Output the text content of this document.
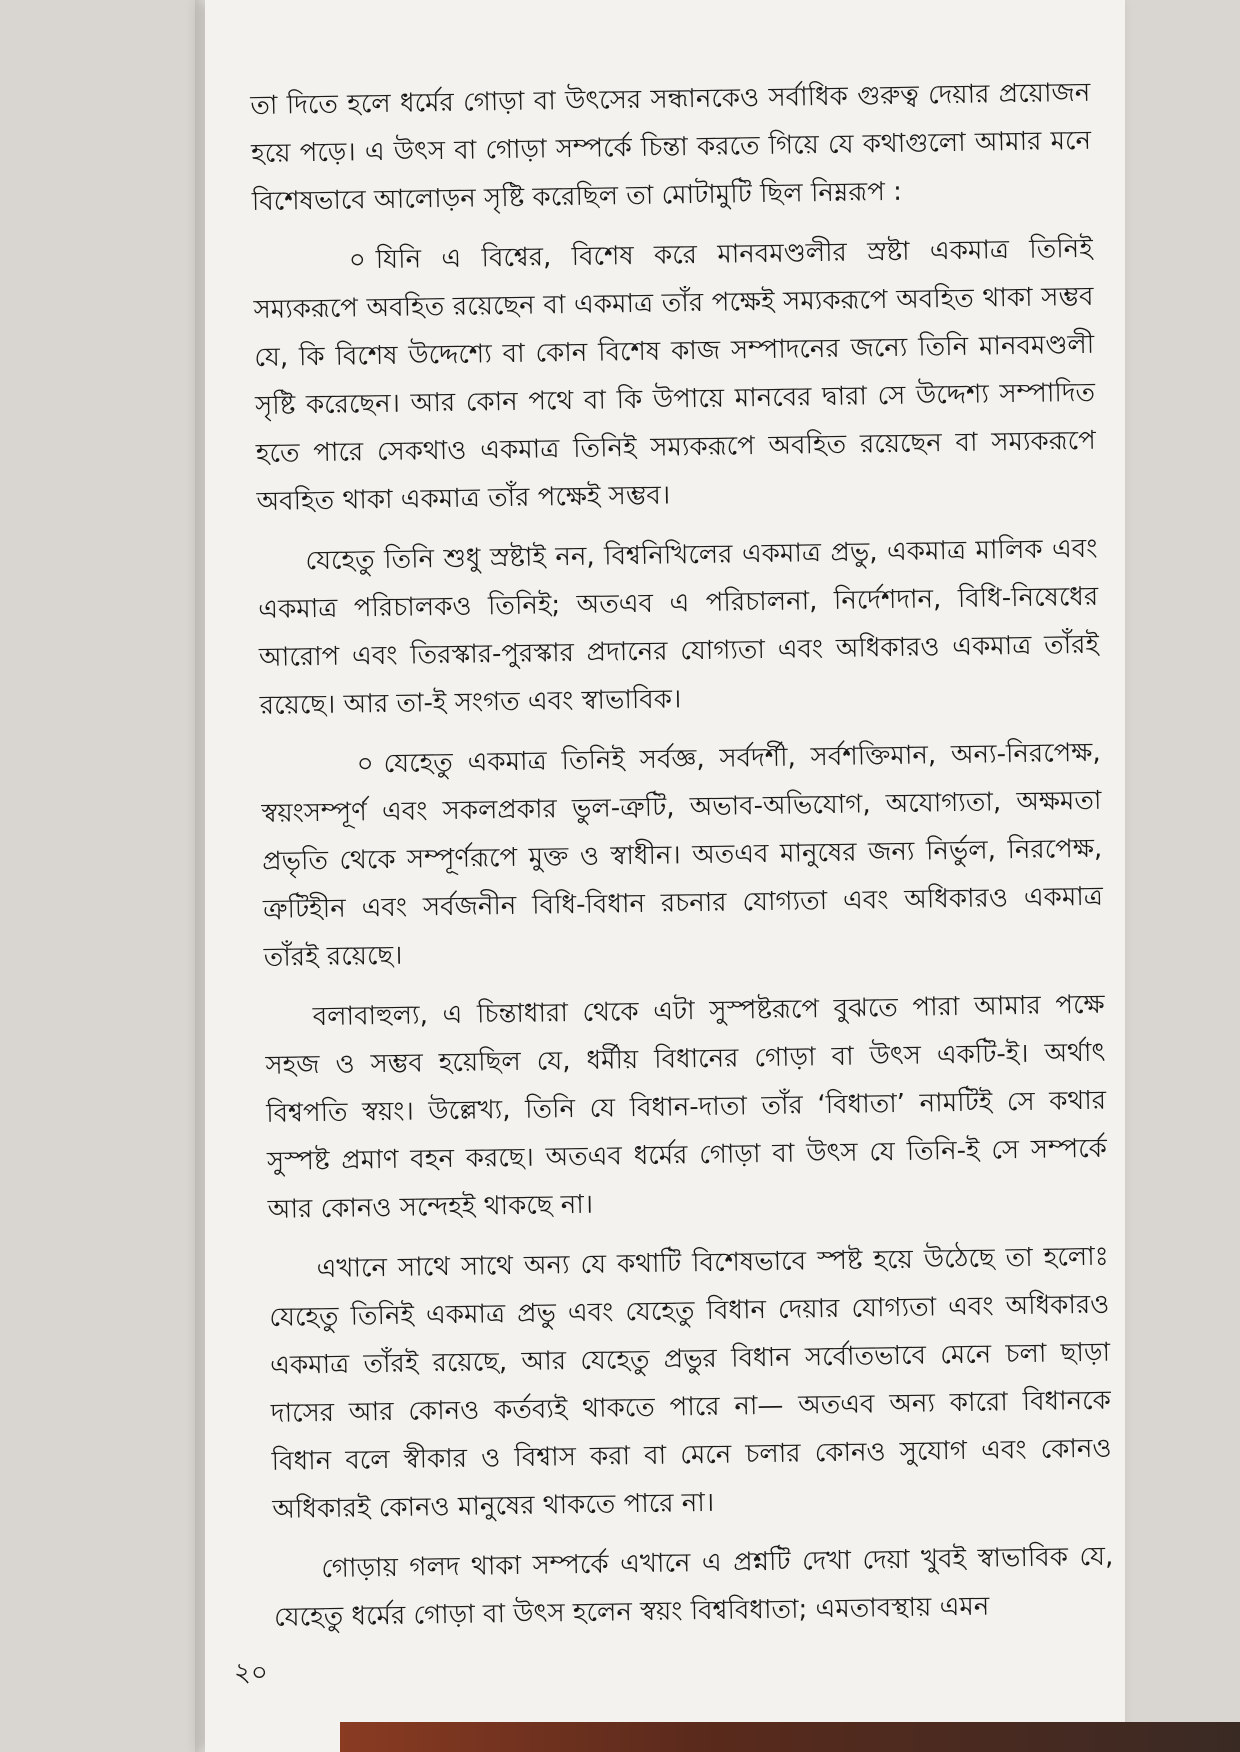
তা দিতে হলে ধর্মের গোড়া বা উৎসের সন্ধানকেও সর্বাধিক গুরুত্ব দেয়ার প্রয়োজন হয়ে পড়ে। এ উৎস বা গোড়া সম্পর্কে চিন্তা করতে গিয়ে যে কথাগুলো আমার মনে বিশেষভাবে আলোড়ন সৃষ্টি করেছিল তা মোটামুটি ছিল নিম্নরূপ :

০ যিনি এ বিশ্বের, বিশেষ করে মানবমণ্ডলীর স্রষ্টা একমাত্র তিনিই সম্যকরূপে অবহিত রয়েছেন বা একমাত্র তাঁর পক্ষেই সম্যকরূপে অবহিত থাকা সম্ভব যে, কি বিশেষ উদ্দেশ্যে বা কোন বিশেষ কাজ সম্পাদনের জন্যে তিনি মানবমণ্ডলী সৃষ্টি করেছেন। আর কোন পথে বা কি উপায়ে মানবের দ্বারা সে উদ্দেশ্য সম্পাদিত হতে পারে সেকথাও একমাত্র তিনিই সম্যকরূপে অবহিত রয়েছেন বা সম্যকরূপে অবহিত থাকা একমাত্র তাঁর পক্ষেই সম্ভব।

যেহেতু তিনি শুধু স্রষ্টাই নন, বিশ্বনিখিলের একমাত্র প্রভু, একমাত্র মালিক এবং একমাত্র পরিচালকও তিনিই; অতএব এ পরিচালনা, নির্দেশদান, বিধি-নিষেধের আরোপ এবং তিরস্কার-পুরস্কার প্রদানের যোগ্যতা এবং অধিকারও একমাত্র তাঁরই রয়েছে। আর তা-ই সংগত এবং স্বাভাবিক।

০ যেহেতু একমাত্র তিনিই সর্বজ্ঞ, সর্বদর্শী, সর্বশক্তিমান, অন্য-নিরপেক্ষ, স্বয়ংসম্পূর্ণ এবং সকলপ্রকার ভুল-ত্রুটি, অভাব-অভিযোগ, অযোগ্যতা, অক্ষমতা প্রভৃতি থেকে সম্পূর্ণরূপে মুক্ত ও স্বাধীন। অতএব মানুষের জন্য নির্ভুল, নিরপেক্ষ, ত্রুটিহীন এবং সর্বজনীন বিধি-বিধান রচনার যোগ্যতা এবং অধিকারও একমাত্র তাঁরই রয়েছে।

বলাবাহুল্য, এ চিন্তাধারা থেকে এটা সুস্পষ্টরূপে বুঝতে পারা আমার পক্ষে সহজ ও সম্ভব হয়েছিল যে, ধর্মীয় বিধানের গোড়া বা উৎস একটি-ই। অর্থাৎ বিশ্বপতি স্বয়ং। উল্লেখ্য, তিনি যে বিধান-দাতা তাঁর ‘বিধাতা’ নামটিই সে কথার সুস্পষ্ট প্রমাণ বহন করছে। অতএব ধর্মের গোড়া বা উৎস যে তিনি-ই সে সম্পর্কে আর কোনও সন্দেহই থাকছে না।

এখানে সাথে সাথে অন্য যে কথাটি বিশেষভাবে স্পষ্ট হয়ে উঠেছে তা হলোঃ যেহেতু তিনিই একমাত্র প্রভু এবং যেহেতু বিধান দেয়ার যোগ্যতা এবং অধিকারও একমাত্র তাঁরই রয়েছে, আর যেহেতু প্রভুর বিধান সর্বোতভাবে মেনে চলা ছাড়া দাসের আর কোনও কর্তব্যই থাকতে পারে না— অতএব অন্য কারো বিধানকে বিধান বলে স্বীকার ও বিশ্বাস করা বা মেনে চলার কোনও সুযোগ এবং কোনও অধিকারই কোনও মানুষের থাকতে পারে না।

গোড়ায় গলদ থাকা সম্পর্কে এখানে এ প্রশ্নটি দেখা দেয়া খুবই স্বাভাবিক যে, যেহেতু ধর্মের গোড়া বা উৎস হলেন স্বয়ং বিশ্ববিধাতা; এমতাবস্থায় এমন

২০
